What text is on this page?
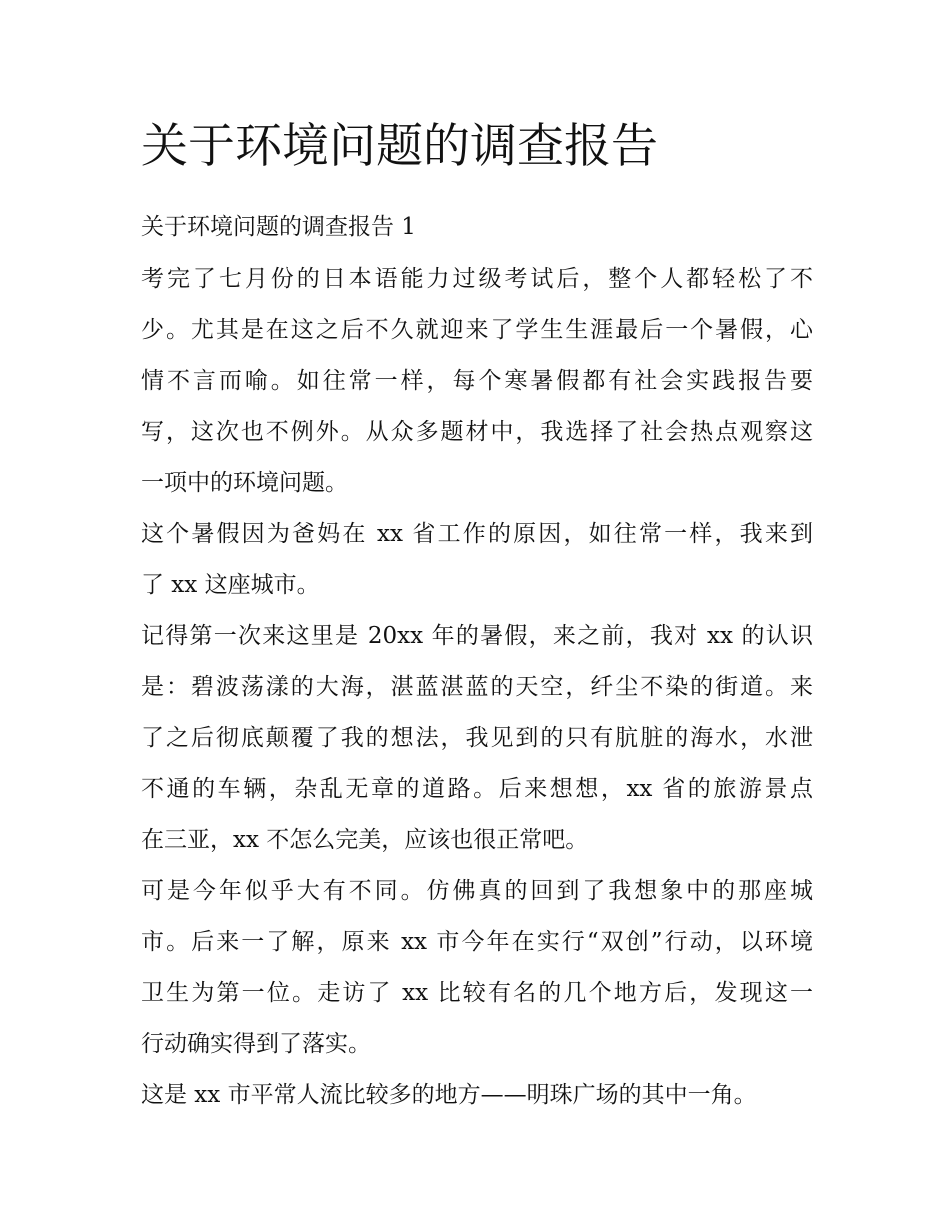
关于环境问题的调查报告
关于环境问题的调查报告 1
考完了七月份的日本语能力过级考试后，整个人都轻松了不
少。尤其是在这之后不久就迎来了学生生涯最后一个暑假，心
情不言而喻。如往常一样，每个寒暑假都有社会实践报告要
写，这次也不例外。从众多题材中，我选择了社会热点观察这
一项中的环境问题。
这个暑假因为爸妈在 xx 省工作的原因，如往常一样，我来到
了 xx 这座城市。
记得第一次来这里是 20xx 年的暑假，来之前，我对 xx 的认识
是：碧波荡漾的大海，湛蓝湛蓝的天空，纤尘不染的街道。来
了之后彻底颠覆了我的想法，我见到的只有肮脏的海水，水泄
不通的车辆，杂乱无章的道路。后来想想，xx 省的旅游景点
在三亚，xx 不怎么完美，应该也很正常吧。
可是今年似乎大有不同。仿佛真的回到了我想象中的那座城
市。后来一了解，原来 xx 市今年在实行“双创”行动，以环境
卫生为第一位。走访了 xx 比较有名的几个地方后，发现这一
行动确实得到了落实。
这是 xx 市平常人流比较多的地方——明珠广场的其中一角。
